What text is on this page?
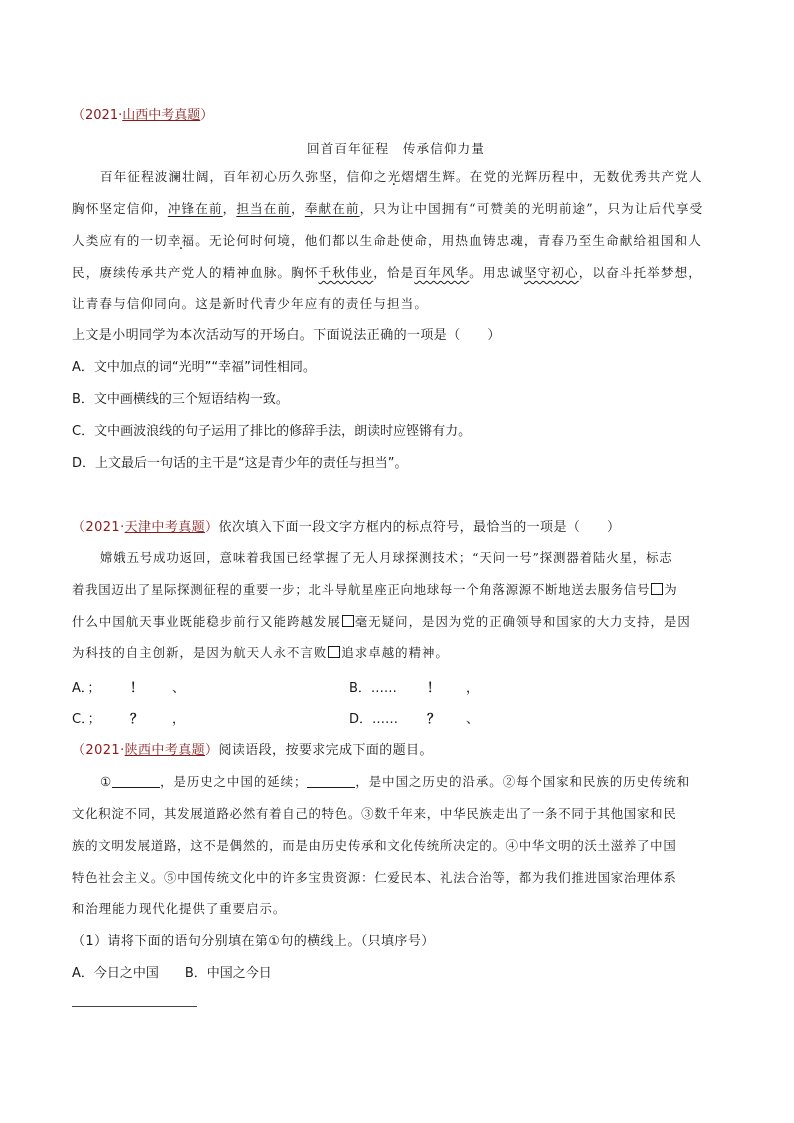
（2021·山西中考真题）

回首百年征程　传承信仰力量

百年征程波澜壮阔，百年初心历久弥坚，信仰之光熠熠生辉。在党的光辉历程中，无数优秀共产党人

胸怀坚定信仰，冲锋在前，担当在前，奉献在前，只为让中国拥有“可赞美的光明前途”，只为让后代享受

人类应有的一切幸福。无论何时何境，他们都以生命赴使命，用热血铸忠魂，青春乃至生命献给祖国和人

民，赓续传承共产党人的精神血脉。胸怀千秋伟业，恰是百年风华。用忠诚坚守初心，以奋斗托举梦想，

让青春与信仰同向。这是新时代青少年应有的责任与担当。

上文是小明同学为本次活动写的开场白。下面说法正确的一项是（　　）

A．文中加点的词“光明”“幸福”词性相同。

B．文中画横线的三个短语结构一致。

C．文中画波浪线的句子运用了排比的修辞手法，朗读时应铿锵有力。

D．上文最后一句话的主干是“这是青少年的责任与担当”。

（2021·天津中考真题）依次填入下面一段文字方框内的标点符号，最恰当的一项是（　　）

嫦娥五号成功返回，意味着我国已经掌握了无人月球探测技术；“天问一号”探测器着陆火星，标志

着我国迈出了星际探测征程的重要一步；北斗导航星座正向地球每一个角落源源不断地送去服务信号 为

什么中国航天事业既能稳步前行又能跨越发展 毫无疑问，是因为党的正确领导和国家的大力支持，是因

为科技的自主创新，是因为航天人永不言败 追求卓越的精神。

A．； ！ 、	B．…… ！ ，

C．； ？ ，	D．…… ？ 、

（2021·陕西中考真题）阅读语段，按要求完成下面的题目。

①	，是历史之中国的延续；	，是中国之历史的沿承。②每个国家和民族的历史传统和

文化积淀不同，其发展道路必然有着自己的特色。③数千年来，中华民族走出了一条不同于其他国家和民

族的文明发展道路，这不是偶然的，而是由历史传承和文化传统所决定的。④中华文明的沃土滋养了中国

特色社会主义。⑤中国传统文化中的许多宝贵资源：仁爱民本、礼法合治等，都为我们推进国家治理体系

和治理能力现代化提供了重要启示。

（1）请将下面的语句分别填在第①句的横线上。（只填序号）

A．今日之中国　　B．中国之今日
